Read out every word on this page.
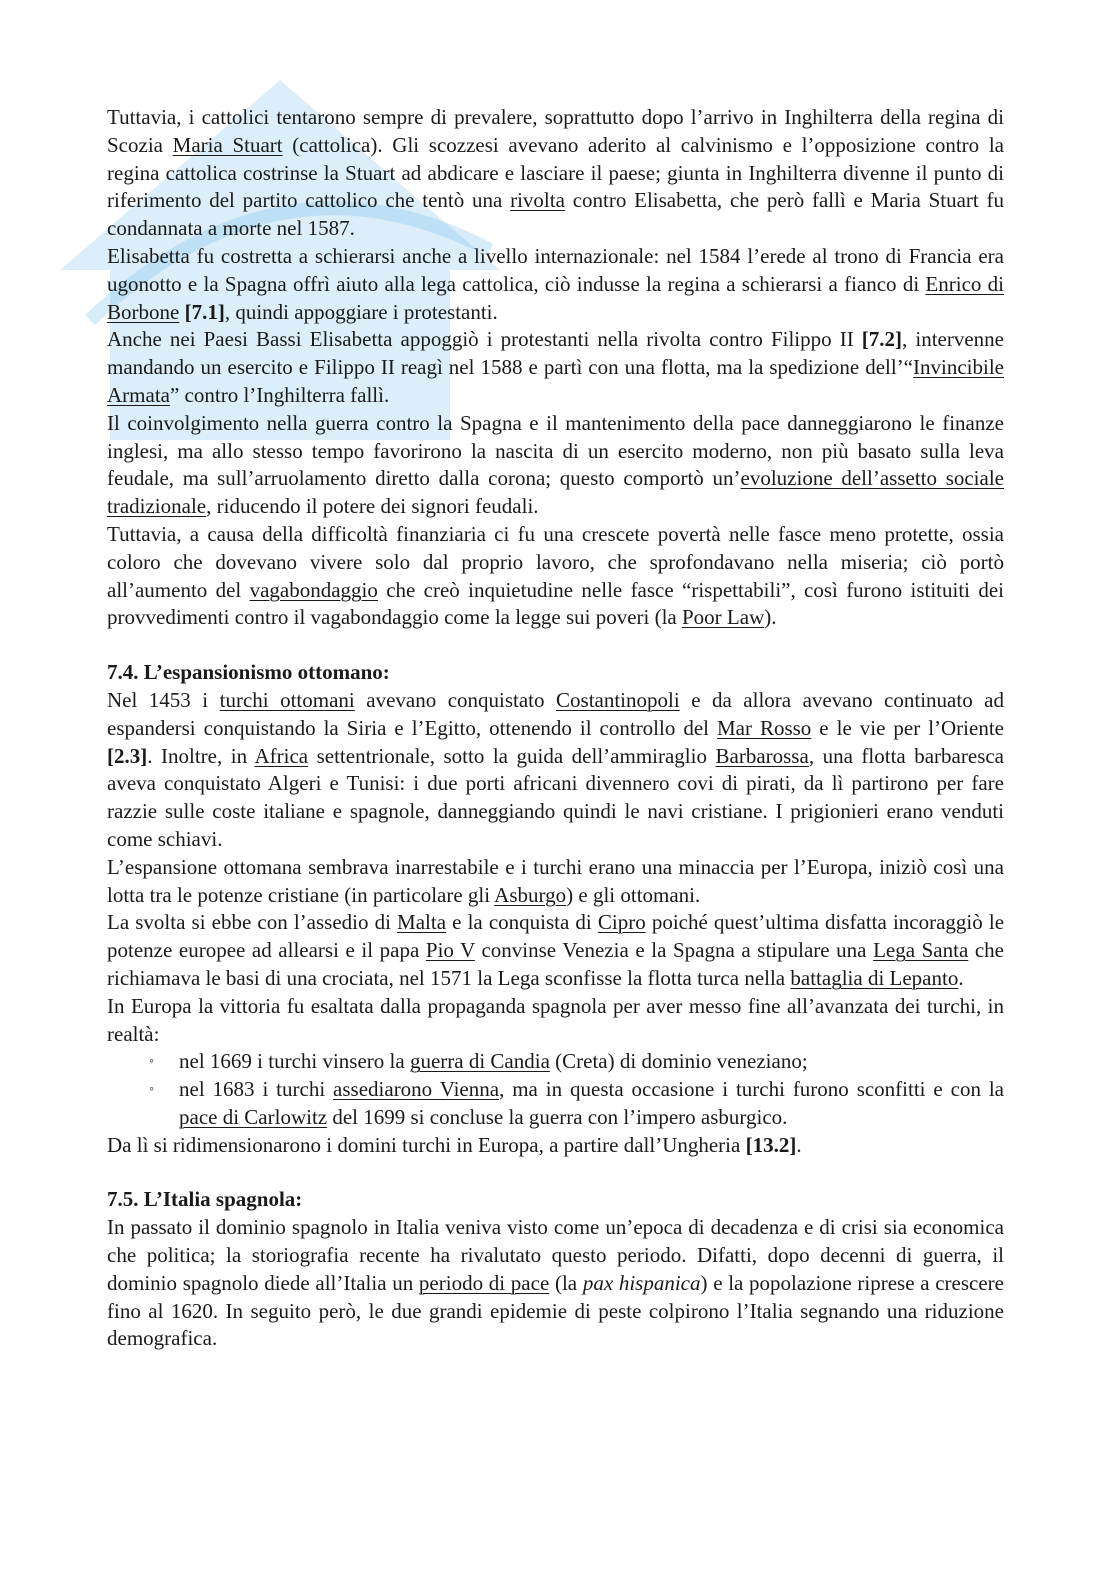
Tuttavia, i cattolici tentarono sempre di prevalere, soprattutto dopo l’arrivo in Inghilterra della regina di Scozia Maria Stuart (cattolica). Gli scozzesi avevano aderito al calvinismo e l’opposizione contro la regina cattolica costrinse la Stuart ad abdicare e lasciare il paese; giunta in Inghilterra divenne il punto di riferimento del partito cattolico che tentò una rivolta contro Elisabetta, che però fallì e Maria Stuart fu condannata a morte nel 1587.

Elisabetta fu costretta a schierarsi anche a livello internazionale: nel 1584 l’erede al trono di Francia era ugonotto e la Spagna offrì aiuto alla lega cattolica, ciò indusse la regina a schierarsi a fianco di Enrico di Borbone [7.1], quindi appoggiare i protestanti.

Anche nei Paesi Bassi Elisabetta appoggiò i protestanti nella rivolta contro Filippo II [7.2], intervenne mandando un esercito e Filippo II reagì nel 1588 e partì con una flotta, ma la spedizione dell’“Invincibile Armata” contro l’Inghilterra fallì.

Il coinvolgimento nella guerra contro la Spagna e il mantenimento della pace danneggiarono le finanze inglesi, ma allo stesso tempo favorirono la nascita di un esercito moderno, non più basato sulla leva feudale, ma sull’arruolamento diretto dalla corona; questo comportò un’evoluzione dell’assetto sociale tradizionale, riducendo il potere dei signori feudali.

Tuttavia, a causa della difficoltà finanziaria ci fu una crescete povertà nelle fasce meno protette, ossia coloro che dovevano vivere solo dal proprio lavoro, che sprofondavano nella miseria; ciò portò all’aumento del vagabondaggio che creò inquietudine nelle fasce “rispettabili”, così furono istituiti dei provvedimenti contro il vagabondaggio come la legge sui poveri (la Poor Law).

7.4. L’espansionismo ottomano:

Nel 1453 i turchi ottomani avevano conquistato Costantinopoli e da allora avevano continuato ad espandersi conquistando la Siria e l’Egitto, ottenendo il controllo del Mar Rosso e le vie per l’Oriente [2.3]. Inoltre, in Africa settentrionale, sotto la guida dell’ammiraglio Barbarossa, una flotta barbaresca aveva conquistato Algeri e Tunisi: i due porti africani divennero covi di pirati, da lì partirono per fare razzie sulle coste italiane e spagnole, danneggiando quindi le navi cristiane. I prigionieri erano venduti come schiavi.

L’espansione ottomana sembrava inarrestabile e i turchi erano una minaccia per l’Europa, iniziò così una lotta tra le potenze cristiane (in particolare gli Asburgo) e gli ottomani.

La svolta si ebbe con l’assedio di Malta e la conquista di Cipro poiché quest’ultima disfatta incoraggiò le potenze europee ad allearsi e il papa Pio V convinse Venezia e la Spagna a stipulare una Lega Santa che richiamava le basi di una crociata, nel 1571 la Lega sconfisse la flotta turca nella battaglia di Lepanto.

In Europa la vittoria fu esaltata dalla propaganda spagnola per aver messo fine all’avanzata dei turchi, in realtà:

◦ nel 1669 i turchi vinsero la guerra di Candia (Creta) di dominio veneziano;
◦ nel 1683 i turchi assediarono Vienna, ma in questa occasione i turchi furono sconfitti e con la pace di Carlowitz del 1699 si concluse la guerra con l’impero asburgico.

Da lì si ridimensionarono i domini turchi in Europa, a partire dall’Ungheria [13.2].

7.5. L’Italia spagnola:

In passato il dominio spagnolo in Italia veniva visto come un’epoca di decadenza e di crisi sia economica che politica; la storiografia recente ha rivalutato questo periodo. Difatti, dopo decenni di guerra, il dominio spagnolo diede all’Italia un periodo di pace (la pax hispanica) e la popolazione riprese a crescere fino al 1620. In seguito però, le due grandi epidemie di peste colpirono l’Italia segnando una riduzione demografica.
